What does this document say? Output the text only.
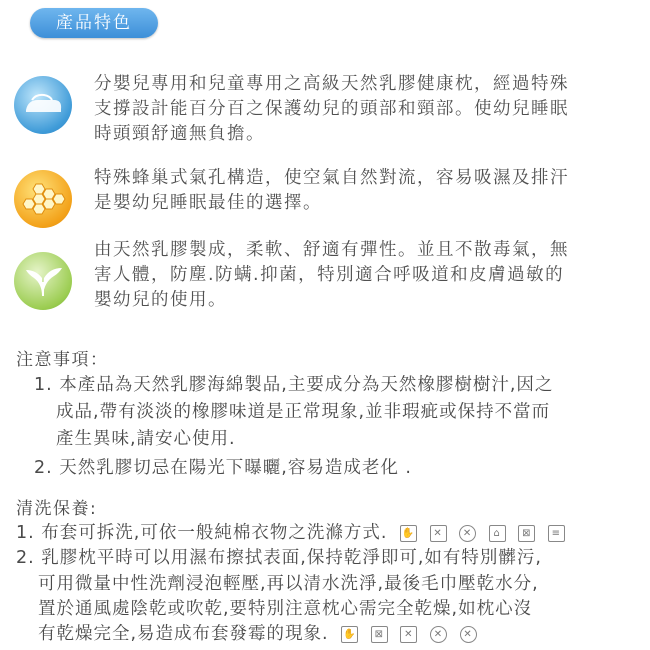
產品特色
分嬰兒專用和兒童專用之高級天然乳膠健康枕，經過特殊
支撐設計能百分百之保護幼兒的頭部和頸部。使幼兒睡眠
時頭頸舒適無負擔。
特殊蜂巢式氣孔構造，使空氣自然對流，容易吸濕及排汗
是嬰幼兒睡眠最佳的選擇。
由天然乳膠製成，柔軟、舒適有彈性。並且不散毒氣，無
害人體，防塵.防螨.抑菌，特別適合呼吸道和皮膚過敏的
嬰幼兒的使用。
注意事項：
1. 本產品為天然乳膠海綿製品,主要成分為天然橡膠樹樹汁,因之
成品,帶有淡淡的橡膠味道是正常現象,並非瑕疵或保持不當而
產生異味,請安心使用.
2. 天然乳膠切忌在陽光下曝曬,容易造成老化 .
清洗保養:
1. 布套可拆洗,可依一般純棉衣物之洗滌方式. ✋ ✕ ✕ ⌂ ⊠ ≡
2. 乳膠枕平時可以用濕布擦拭表面,保持乾淨即可,如有特別髒污,
可用微量中性洗劑浸泡輕壓,再以清水洗淨,最後毛巾壓乾水分,
置於通風處陰乾或吹乾,要特別注意枕心需完全乾燥,如枕心沒
有乾燥完全,易造成布套發霉的現象. ✋ ⊠ ✕ ✕ ✕
